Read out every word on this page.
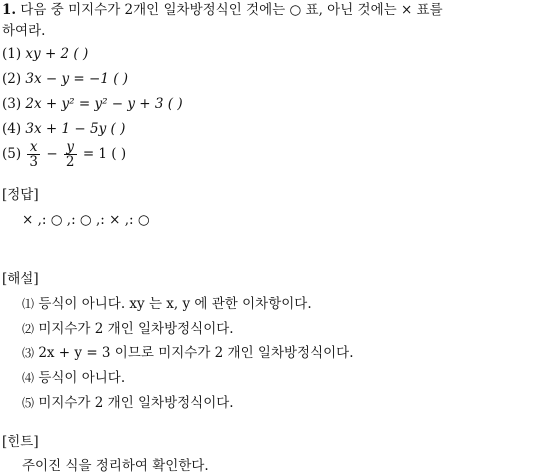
1. 다음 중 미지수가 2개인 일차방정식인 것에는 ○ 표, 아닌 것에는 × 표를
하여라.
(1) xy + 2 ( )
(2) 3x − y = −1 ( )
(3) 2x + y² = y² − y + 3 ( )
(4) 3x + 1 − 5y ( )
$(5) \frac{x}{3} - \frac{y}{2} = 1$ ( )
[정답]
× ,: ○ ,: ○ ,: × ,: ○
[해설]
⑴ 등식이 아니다. xy 는 x, y 에 관한 이차항이다.
⑵ 미지수가 2 개인 일차방정식이다.
⑶ 2x + y = 3 이므로 미지수가 2 개인 일차방정식이다.
⑷ 등식이 아니다.
⑸ 미지수가 2 개인 일차방정식이다.
[힌트]
주이진 식을 정리하여 확인한다.
